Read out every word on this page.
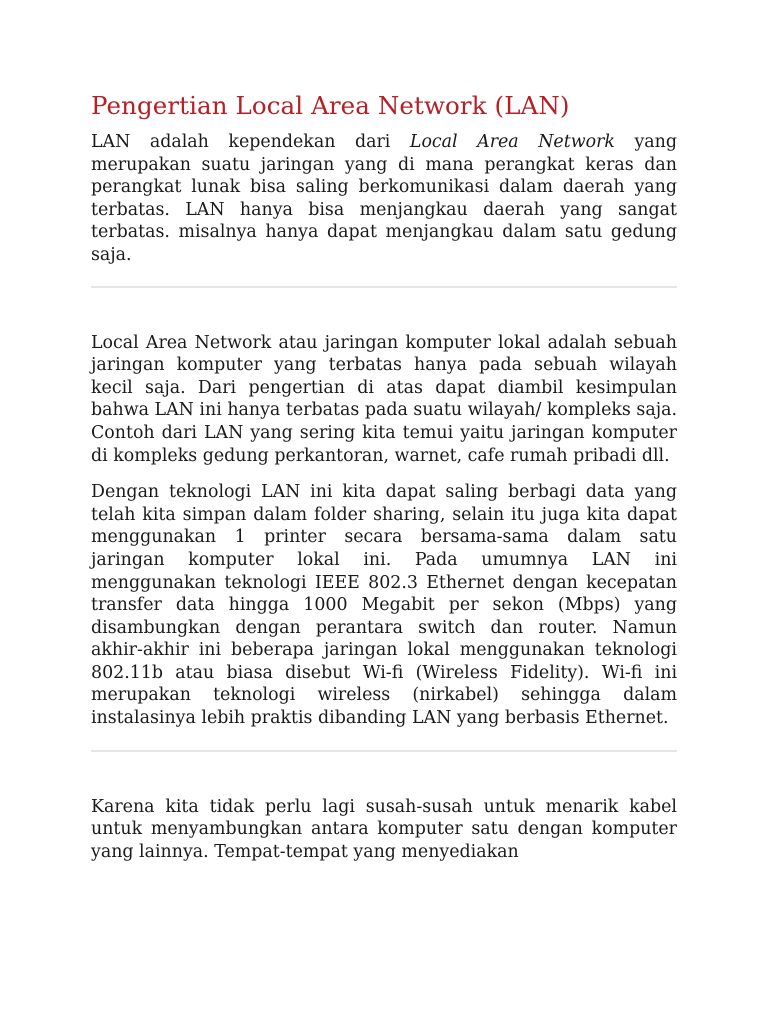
Pengertian Local Area Network (LAN)

LAN adalah kependekan dari Local Area Network yang merupakan suatu jaringan yang di mana perangkat keras dan perangkat lunak bisa saling berkomunikasi dalam daerah yang terbatas. LAN hanya bisa menjangkau daerah yang sangat terbatas. misalnya hanya dapat menjangkau dalam satu gedung saja.

Local Area Network atau jaringan komputer lokal adalah sebuah jaringan komputer yang terbatas hanya pada sebuah wilayah kecil saja. Dari pengertian di atas dapat diambil kesimpulan bahwa LAN ini hanya terbatas pada suatu wilayah/ kompleks saja. Contoh dari LAN yang sering kita temui yaitu jaringan komputer di kompleks gedung perkantoran, warnet, cafe rumah pribadi dll.

Dengan teknologi LAN ini kita dapat saling berbagi data yang telah kita simpan dalam folder sharing, selain itu juga kita dapat menggunakan 1 printer secara bersama-sama dalam satu jaringan komputer lokal ini. Pada umumnya LAN ini menggunakan teknologi IEEE 802.3 Ethernet dengan kecepatan transfer data hingga 1000 Megabit per sekon (Mbps) yang disambungkan dengan perantara switch dan router. Namun akhir-akhir ini beberapa jaringan lokal menggunakan teknologi 802.11b atau biasa disebut Wi-fi (Wireless Fidelity). Wi-fi ini merupakan teknologi wireless (nirkabel) sehingga dalam instalasinya lebih praktis dibanding LAN yang berbasis Ethernet.

Karena kita tidak perlu lagi susah-susah untuk menarik kabel untuk menyambungkan antara komputer satu dengan komputer yang lainnya. Tempat-tempat yang menyediakan
